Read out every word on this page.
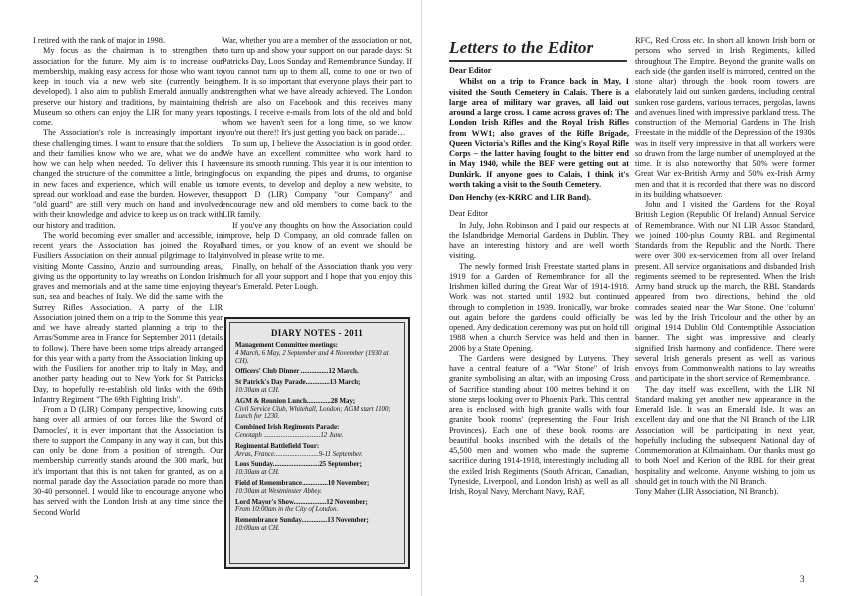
I retired with the rank of major in 1998.

My focus as the chairman is to strengthen the association for the future. My aim is to increase our membership, making easy access for those who want to keep in touch via a new web site (currently being developed). I also aim to publish Emerald annually and preserve our history and traditions, by maintaining the Museum so others can enjoy the LIR for many years to come.

The Association's role is increasingly important in these challenging times. I want to ensure that the soldiers and their families know who we are, what we do and how we can help when needed. To deliver this I have changed the structure of the committee a little, bringing in new faces and experience, which will enable us to spread our workload and ease the burden. However, the "old guard" are still very much on hand and involved with their knowledge and advice to keep us on track with our history and tradition.

The world becoming ever smaller and accessible, in recent years the Association has joined the Royal Fusiliers Association on their annual pilgrimage to Italy visiting Monte Cassino, Anzio and surrounding areas, giving us the opportunity to lay wreaths on London Irish graves and memorials and at the same time enjoying the sun, sea and beaches of Italy. We did the same with the Surrey Rifles Association. A party of the LIR Association joined them on a trip to the Somme this year and we have already started planning a trip to the Arras/Somme area in France for September 2011 (details to follow). There have been some trips already arranged for this year with a party from the Association linking up with the Fusiliers for another trip to Italy in May, and another party heading out to New York for St Patricks Day, to hopefully re-establish old links with the 69th Infantry Regiment "The 69th Fighting Irish".

From a D (LIR) Company perspective, knowing cuts hang over all armies of our forces like the Sword of Damocles', it is ever important that the Association is there to support the Company in any way it can, but this can only be done from a position of strength. Our membership currently stands around the 300 mark, but it's important that this is not taken for granted, as on a normal parade day the Association parade no more than 30-40 personnel. I would like to encourage anyone who has served with the London Irish at any time since the Second World

War, whether you are a member of the association or not, to turn up and show your support on our parade days: St Patricks Day, Loos Sunday and Remembrance Sunday. If you cannot turn up to them all, come to one or two of them. It is so important that everyone plays their part to strengthen what we have already achieved. The London Irish are also on Facebook and this receives many postings. I receive e-mails from lots of the old and bold whom we haven't seen for a long time, so we know you're out there!! It's just getting you back on parade…

To sum up, I believe the Association is in good order. We have an excellent committee who work hard to ensure its smooth running. This year it is our intention to focus on expanding the pipes and drums, to organise more events, to develop and deploy a new website, to support D (LIR) Company "our Company" and encourage new and old members to come back to the LIR family.

If you've any thoughts on how the Association could improve, help D Company, an old comrade fallen on hard times, or you know of an event we should be involved in please write to me.

Finally, on behalf of the Association thank you very much for all your support and I hope that you enjoy this year's Emerald. Peter Lough.

DIARY NOTES - 2011
Management Committee meetings:
4 March, 6 May, 2 September and 4 November (1930 at CH).
Officers' Club Dinner ................12 March.
St Patrick's Day Parade..............13 March;
10:30am at CH.
AGM & Reunion Lunch..............28 May;
Civil Service Club, Whitehall, London; AGM start 1100; Lunch for 1230.
Combined Irish Regiments Parade:
Cenotaph .................................12 June.
Regimental Battlefield Tour:
Arras, France..........................9-11 September.
Loos Sunday...........................25 September;
10:30am at CH.
Field of Remembrance...............10 November;
10:30am at Westminster Abbey.
Lord Mayor's Show...................12 November;
From 10:00am in the City of London.
Remembrance Sunday...............13 November;
10:00am at CH.
Letters to the Editor

Dear Editor

Whilst on a trip to France back in May, I visited the South Cemetery in Calais. There is a large area of military war graves, all laid out around a large cross. I came across graves of: The London Irish Rifles and the Royal Irish Rifles from WW1; also graves of the Rifle Brigade, Queen Victoria's Rifles and the King's Royal Rifle Corps – the latter having fought to the bitter end in May 1940, while the BEF were getting out at Dunkirk. If anyone goes to Calais, I think it's worth taking a visit to the South Cemetery.

Don Henchy (ex-KRRC and LIR Band).

Dear Editor

In July, John Robinson and I paid our respects at the Islandbridge Memorial Gardens in Dublin. They have an interesting history and are well worth visiting.

The newly formed Irish Freestate started plans in 1919 for a Garden of Remembrance for all the Irishmen killed during the Great War of 1914-1918. Work was not started until 1932 but continued through to completion in 1939. Ironically, war broke out again before the gardens could officially be opened. Any dedication ceremony was put on hold till 1988 when a church Service was held and then in 2006 by a State Opening.

The Gardens were designed by Lutyens. They have a central feature of a "War Stone" of Irish granite symbolising an altar, with an imposing Cross of Sacrifice standing about 100 metres behind it on stone steps looking over to Phoenix Park. This central area is enclosed with high granite walls with four granite 'book rooms' (representing the Four Irish Provinces). Each one of these book rooms are beautiful books inscribed with the details of the 45,500 men and women who made the supreme sacrifice during 1914-1918, interestingly including all the exiled Irish Regiments (South African, Canadian, Tyneside, Liverpool, and London Irish) as well as all Irish, Royal Navy, Merchant Navy, RAF,

RFC, Red Cross etc. In short all known Irish born or persons who served in Irish Regiments, killed throughout The Empire. Beyond the granite walls on each side (the garden itself is mirrored, centred on the stone altar) through the book room towers are elaborately laid out sunken gardens, including central sunken rose gardens, various terraces, pergolas, lawns and avenues lined with impressive parkland tress. The construction of the Memorial Gardens in The Irish Freestate in the middle of the Depression of the 1930s was in itself very impressive in that all workers were so drawn from the large number of unemployed at the time. It is also noteworthy that 50% were former Great War ex-British Army and 50% ex-Irish Army men and that it is recorded that there was no discord in its building whatsoever.

John and I visited the Gardens for the Royal British Legion (Republic Of Ireland) Annual Service of Remembrance. With our NI LIR Assoc Standard, we joined 100-plus County RBL and Regimental Standards from the Republic and the North. There were over 300 ex-servicemen from all over Ireland present. All service organisations and disbanded Irish regiments seemed to be represented. When the Irish Army band struck up the march, the RBL Standards appeared from two directions, behind the old comrades seated near the War Stone. One 'column' was led by the Irish Tricolour and the other by an original 1914 Dublin Old Contemptible Association banner. The sight was impressive and clearly signified Irish harmony and confidence. There were several Irish generals present as well as various envoys from Commonwealth nations to lay wreaths and participate in the short service of Remembrance.

The day itself was excellent, with the LIR NI Standard making yet another new appearance in the Emerald Isle. It was an Emerald Isle. It was an excellent day and one that the NI Branch of the LIR Association will be participating in next year, hopefully including the subsequent National day of Commemoration at Kilmainham. Our thanks must go to both Noel and Kerion of the RBL for their great hospitality and welcome. Anyone wishing to join us should get in touch with the NI Branch.

Tony Maher (LIR Association, NI Branch).

2	3
